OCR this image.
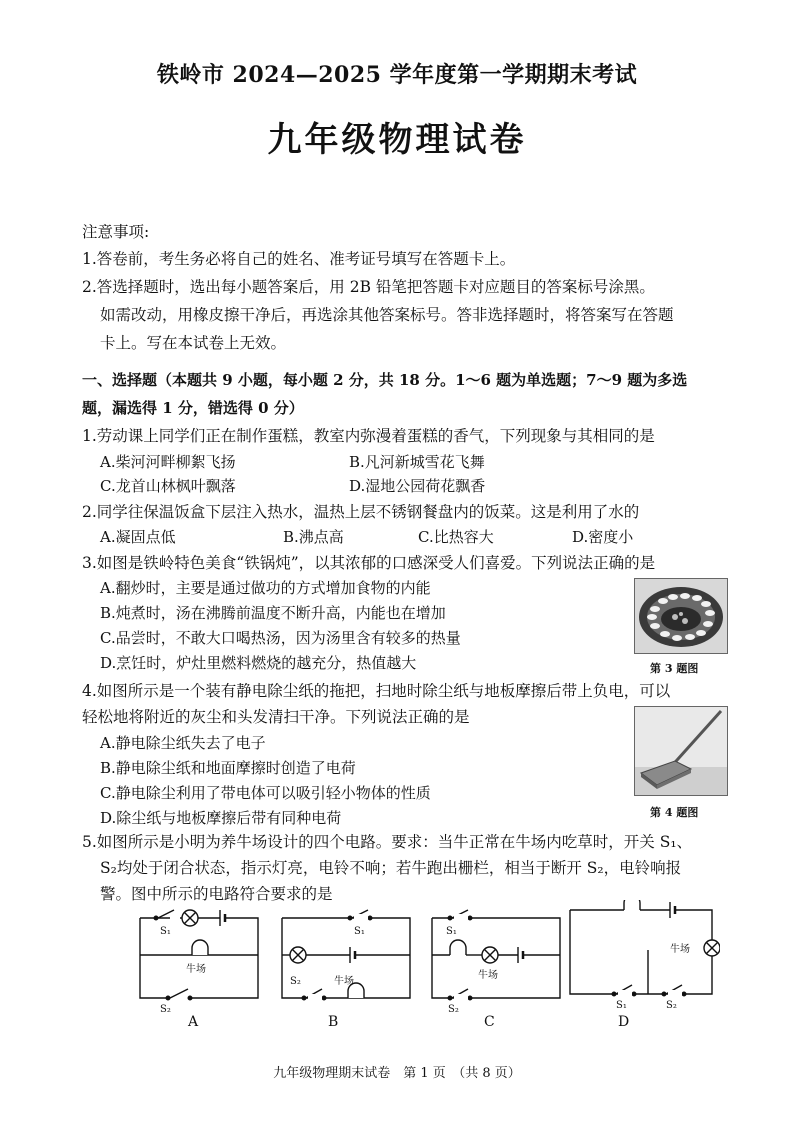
铁岭市 2024—2025 学年度第一学期期末考试
九年级物理试卷
注意事项:
1.答卷前，考生务必将自己的姓名、准考证号填写在答题卡上。
2.答选择题时，选出每小题答案后，用 2B 铅笔把答题卡对应题目的答案标号涂黑。
如需改动，用橡皮擦干净后，再选涂其他答案标号。答非选择题时，将答案写在答题
卡上。写在本试卷上无效。
一、选择题（本题共 9 小题，每小题 2 分，共 18 分。1～6 题为单选题；7～9 题为多选
题，漏选得 1 分，错选得 0 分）
1.劳动课上同学们正在制作蛋糕，教室内弥漫着蛋糕的香气，下列现象与其相同的是
A.柴河河畔柳絮飞扬	B.凡河新城雪花飞舞
C.龙首山林枫叶飘落	D.湿地公园荷花飘香
2.同学往保温饭盒下层注入热水，温热上层不锈钢餐盘内的饭菜。这是利用了水的
A.凝固点低	B.沸点高	C.比热容大	D.密度小
3.如图是铁岭特色美食“铁锅炖”，以其浓郁的口感深受人们喜爱。下列说法正确的是
A.翻炒时，主要是通过做功的方式增加食物的内能
B.炖煮时，汤在沸腾前温度不断升高，内能也在增加
C.品尝时，不敢大口喝热汤，因为汤里含有较多的热量
D.烹饪时，炉灶里燃料燃烧的越充分，热值越大	第 3 题图
4.如图所示是一个装有静电除尘纸的拖把，扫地时除尘纸与地板摩擦后带上负电，可以
轻松地将附近的灰尘和头发清扫干净。下列说法正确的是
A.静电除尘纸失去了电子
B.静电除尘纸和地面摩擦时创造了电荷
C.静电除尘利用了带电体可以吸引轻小物体的性质
D.除尘纸与地板摩擦后带有同种电荷	第 4 题图
5.如图所示是小明为养牛场设计的四个电路。要求：当牛正常在牛场内吃草时，开关 S₁、
S₂均处于闭合状态，指示灯亮，电铃不响；若牛跑出栅栏，相当于断开 S₂，电铃响报
警。图中所示的电路符合要求的是
S₁
牛场
S₂
A
S₁
S₂	牛场
B
S₁
牛场
S₂
C
牛场
S₁	S₂
D
九年级物理期末试卷　第 1 页　（共 8 页）
